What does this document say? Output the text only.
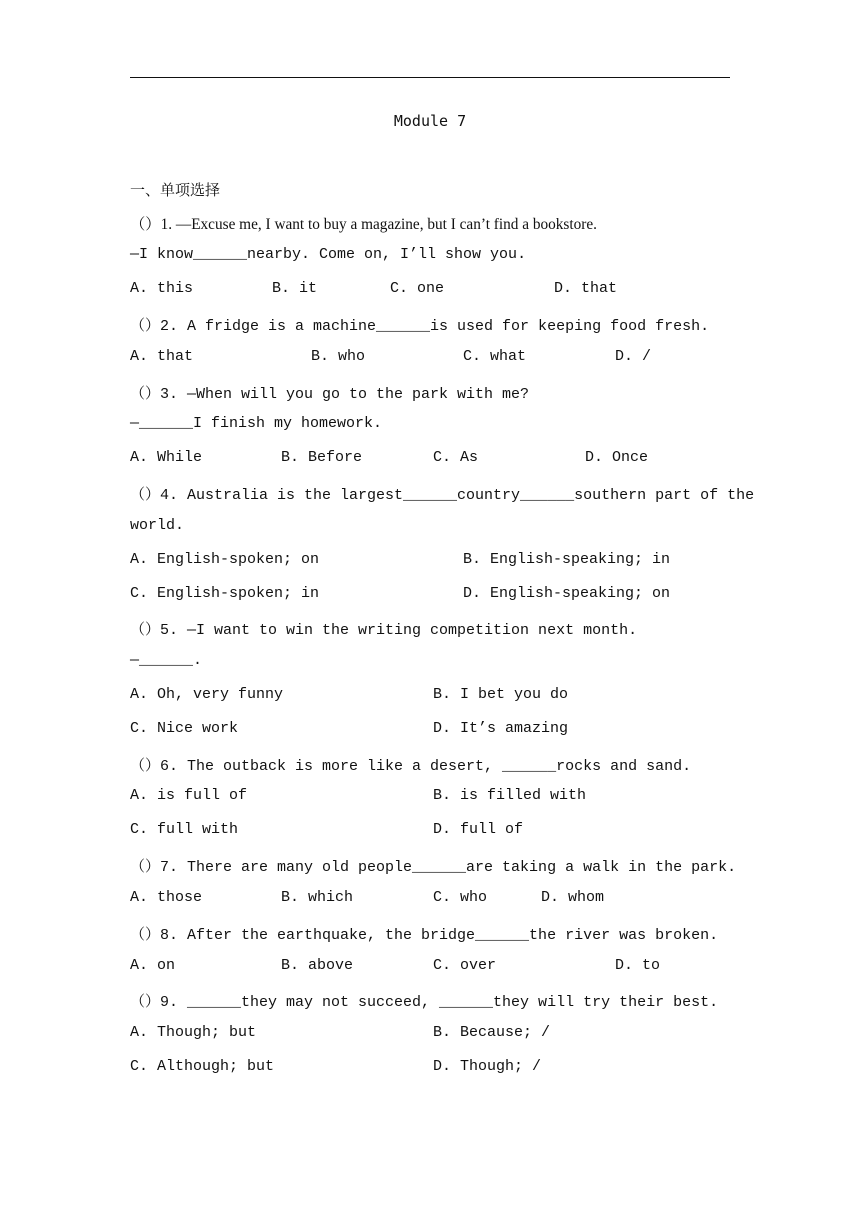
Module 7
一、单项选择
（）1. —Excuse me, I want to buy a magazine, but I can’t find a bookstore.
—I know______nearby. Come on, I’ll show you.
A. this	B. it	C. one	D. that
（）2. A fridge is a machine______is used for keeping food fresh.
A. that	B. who	C. what	D. /
（）3. —When will you go to the park with me?
—______I finish my homework.
A. While	B. Before	C. As	D. Once
（）4. Australia is the largest______country______southern part of the
world.
A. English-spoken; on	B. English-speaking; in
C. English-spoken; in	D. English-speaking; on
（）5. —I want to win the writing competition next month.
—______.
A. Oh, very funny	B. I bet you do
C. Nice work	D. It’s amazing
（）6. The outback is more like a desert, ______rocks and sand.
A. is full of	B. is filled with
C. full with	D. full of
（）7. There are many old people______are taking a walk in the park.
A. those	B. which	C. who	D. whom
（）8. After the earthquake, the bridge______the river was broken.
A. on	B. above	C. over	D. to
（）9. ______they may not succeed, ______they will try their best.
A. Though; but	B. Because; /
C. Although; but	D. Though; /
